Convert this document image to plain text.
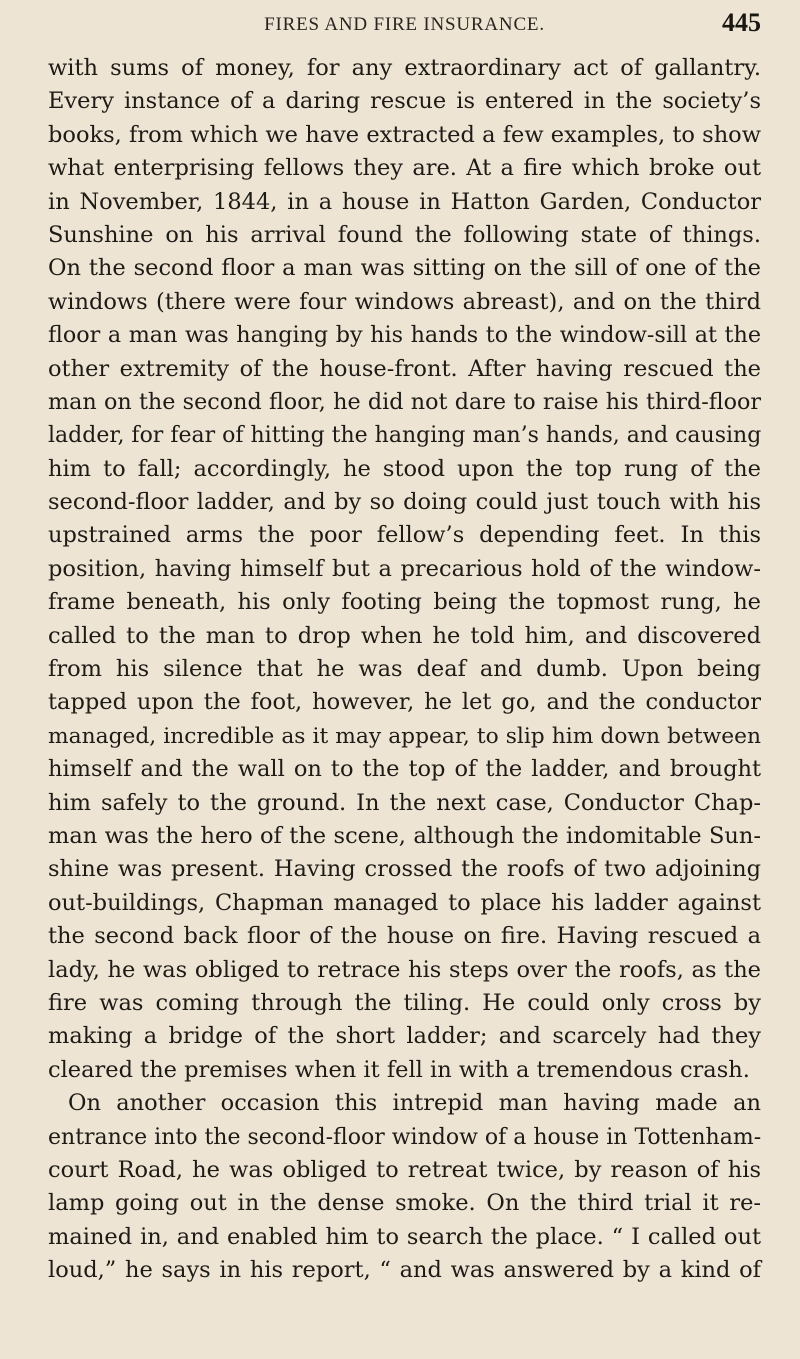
FIRES AND FIRE INSURANCE.	445
with sums of money, for any extraordinary act of gallantry.
Every instance of a daring rescue is entered in the society’s
books, from which we have extracted a few examples, to show
what enterprising fellows they are. At a fire which broke out
in November, 1844, in a house in Hatton Garden, Conductor
Sunshine on his arrival found the following state of things.
On the second floor a man was sitting on the sill of one of the
windows (there were four windows abreast), and on the third
floor a man was hanging by his hands to the window-sill at the
other extremity of the house-front. After having rescued the
man on the second floor, he did not dare to raise his third-floor
ladder, for fear of hitting the hanging man’s hands, and causing
him to fall; accordingly, he stood upon the top rung of the
second-floor ladder, and by so doing could just touch with his
upstrained arms the poor fellow’s depending feet. In this
position, having himself but a precarious hold of the window-
frame beneath, his only footing being the topmost rung, he
called to the man to drop when he told him, and discovered
from his silence that he was deaf and dumb. Upon being
tapped upon the foot, however, he let go, and the conductor
managed, incredible as it may appear, to slip him down between
himself and the wall on to the top of the ladder, and brought
him safely to the ground. In the next case, Conductor Chap-
man was the hero of the scene, although the indomitable Sun-
shine was present. Having crossed the roofs of two adjoining
out-buildings, Chapman managed to place his ladder against
the second back floor of the house on fire. Having rescued a
lady, he was obliged to retrace his steps over the roofs, as the
fire was coming through the tiling. He could only cross by
making a bridge of the short ladder; and scarcely had they
cleared the premises when it fell in with a tremendous crash.
On another occasion this intrepid man having made an
entrance into the second-floor window of a house in Tottenham-
court Road, he was obliged to retreat twice, by reason of his
lamp going out in the dense smoke. On the third trial it re-
mained in, and enabled him to search the place. “ I called out
loud,” he says in his report, “ and was answered by a kind of
